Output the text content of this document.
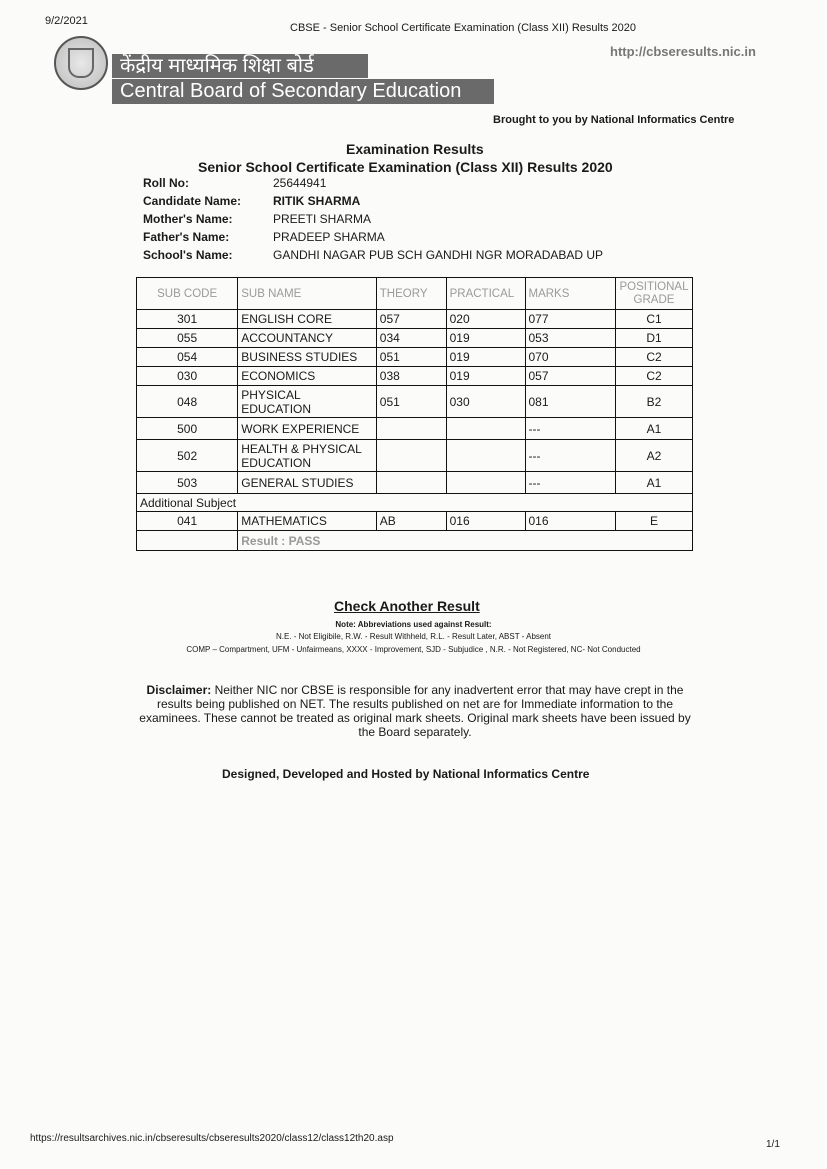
9/2/2021
CBSE - Senior School Certificate Examination (Class XII) Results 2020
http://cbseresults.nic.in
केंद्रीय माध्यमिक शिक्षा बोर्ड
Central Board of Secondary Education
Brought to you by National Informatics Centre
Examination Results
Senior School Certificate Examination (Class XII) Results 2020
Roll No:	25644941
Candidate Name:	RITIK SHARMA
Mother's Name:	PREETI SHARMA
Father's Name:	PRADEEP SHARMA
School's Name:	GANDHI NAGAR PUB SCH GANDHI NGR MORADABAD UP
SUB CODE	SUB NAME	THEORY	PRACTICAL	MARKS	POSITIONAL GRADE
301	ENGLISH CORE	057	020	077	C1
055	ACCOUNTANCY	034	019	053	D1
054	BUSINESS STUDIES	051	019	070	C2
030	ECONOMICS	038	019	057	C2
048	PHYSICAL EDUCATION	051	030	081	B2
500	WORK EXPERIENCE			---	A1
502	HEALTH & PHYSICAL EDUCATION			---	A2
503	GENERAL STUDIES			---	A1
Additional Subject					
041	MATHEMATICS	AB	016	016	E
	Result : PASS				
Check Another Result
Note: Abbreviations used against Result:
N.E. - Not Eligibile, R.W. - Result Withheld, R.L. - Result Later, ABST - Absent
COMP – Compartment, UFM - Unfairmeans, XXXX - Improvement, SJD - Subjudice , N.R. - Not Registered, NC- Not Conducted
Disclaimer: Neither NIC nor CBSE is responsible for any inadvertent error that may have crept in the results being published on NET. The results published on net are for Immediate information to the examinees. These cannot be treated as original mark sheets. Original mark sheets have been issued by the Board separately.
Designed, Developed and Hosted by National Informatics Centre
https://resultsarchives.nic.in/cbseresults/cbseresults2020/class12/class12th20.asp
1/1
